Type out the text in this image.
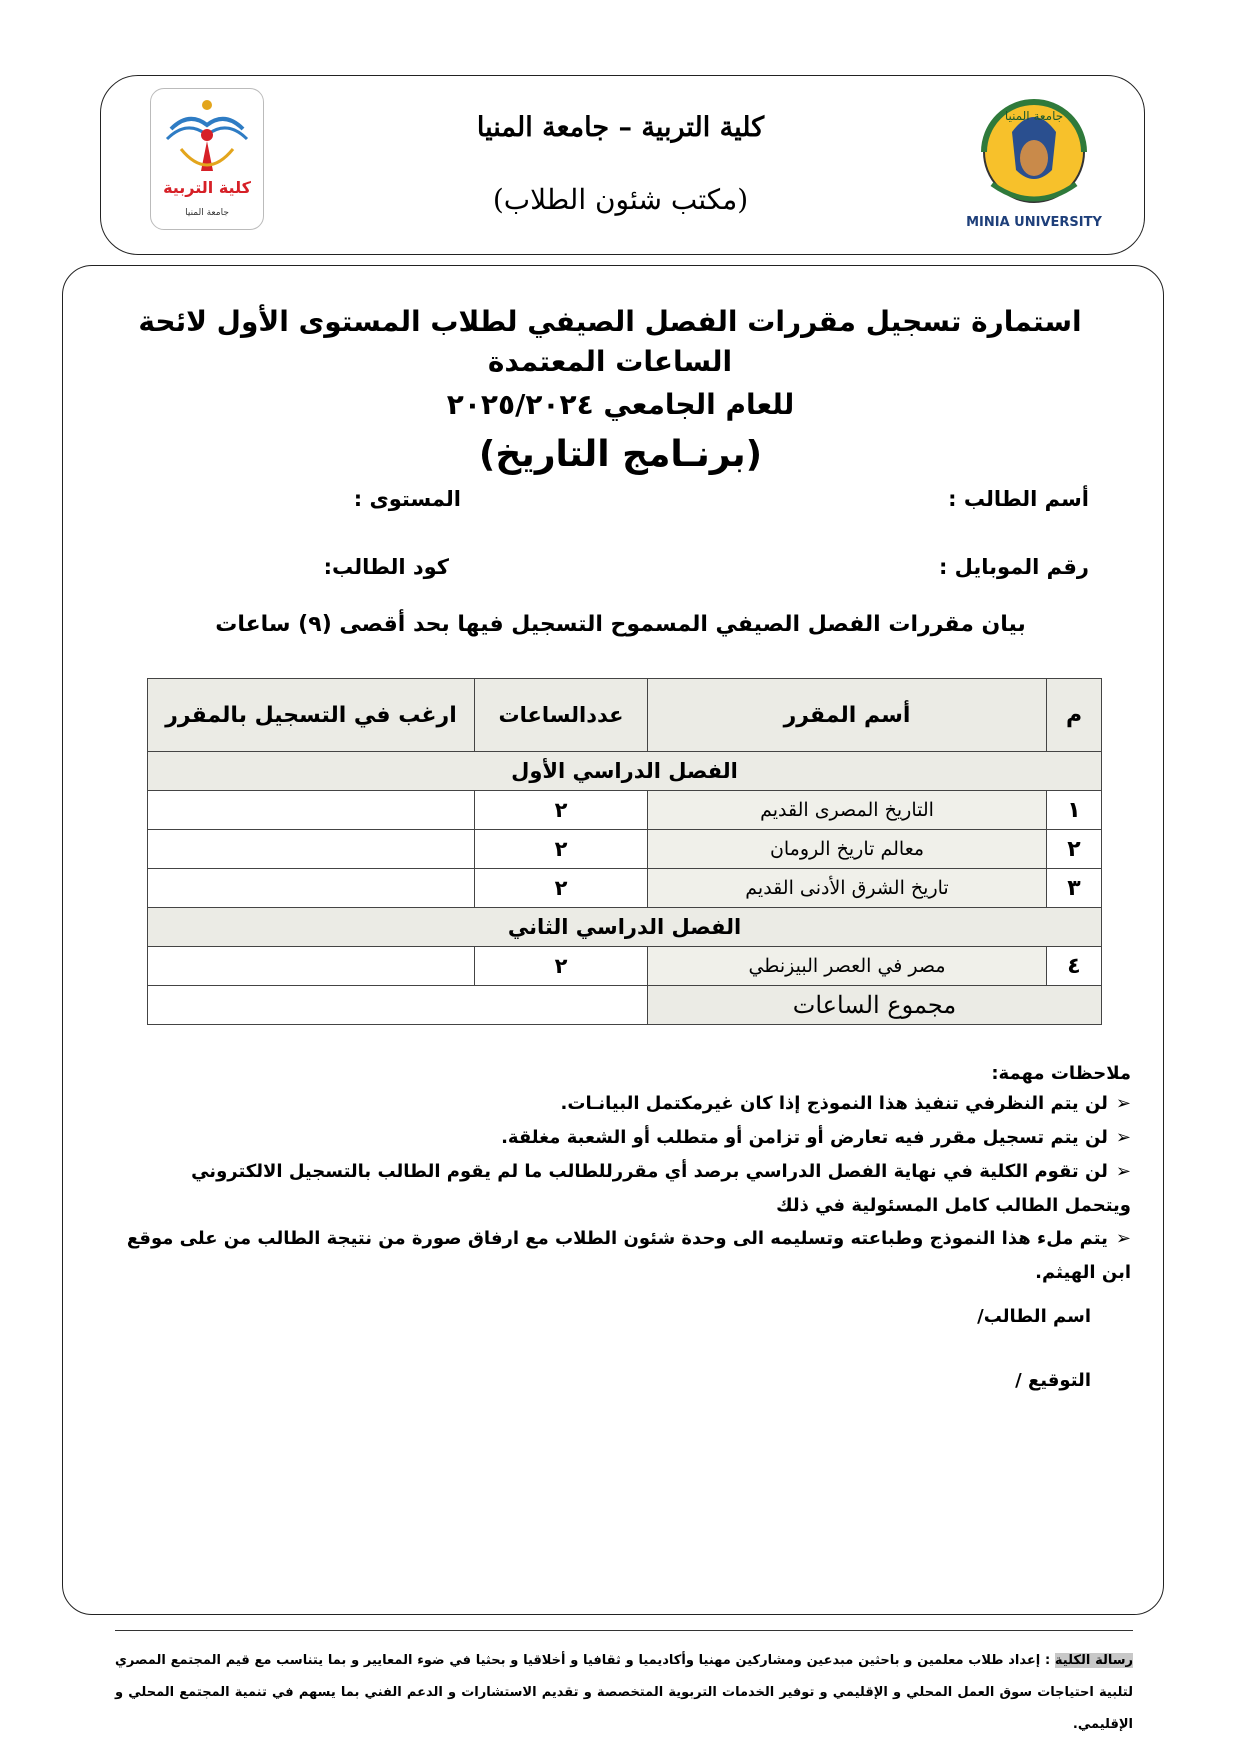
كلية التربية
جامعة المنيا
كلية التربية – جامعة المنيا
(مكتب شئون الطلاب)
جامعة المنيا
MINIA UNIVERSITY
استمارة تسجيل مقررات الفصل الصيفي لطلاب المستوى الأول لائحة الساعات المعتمدة
للعام الجامعي ٢٠٢٥/٢٠٢٤
(برنـامج التاريخ)
أسم الطالب :
المستوى :
رقم الموبايل :
كود الطالب:
بيان مقررات الفصل الصيفي المسموح التسجيل فيها بحد أقصى (٩) ساعات
م	أسم المقرر	عددالساعات	ارغب في التسجيل بالمقرر
الفصل الدراسي الأول			
١	التاريخ المصرى القديم	٢	
٢	معالم تاريخ الرومان	٢	
٣	تاريخ الشرق الأدنى القديم	٢	
الفصل الدراسي الثاني			
٤	مصر في العصر البيزنطي	٢	
مجموع الساعات			
ملاحظات مهمة:
➢لن يتم النظرفي تنفيذ هذا النموذج إذا كان غيرمكتمل البيانـات.
➢لن يتم تسجيل مقرر فيه تعارض أو تزامن أو متطلب أو الشعبة مغلقة.
➢لن تقوم الكلية في نهاية الفصل الدراسي برصد أي مقررللطالب ما لم يقوم الطالب بالتسجيل الالكتروني ويتحمل الطالب كامل المسئولية في ذلك
➢يتم ملء هذا النموذج وطباعته وتسليمه الى وحدة شئون الطلاب مع ارفاق صورة من نتيجة الطالب من على موقع ابن الهيثم.
اسم الطالب/
التوقيع /
رسالة الكلية : إعداد طلاب معلمين و باحثين مبدعين ومشاركين مهنيا وأكاديميا و ثقافيا و أخلاقيا و بحثيا في ضوء المعايير و بما يتناسب مع قيم المجتمع المصري لتلبية احتياجات سوق العمل المحلي و الإقليمي و توفير الخدمات التربوية المتخصصة و تقديم الاستشارات و الدعم الفني بما يسهم في تنمية المجتمع المحلي و الإقليمي.
